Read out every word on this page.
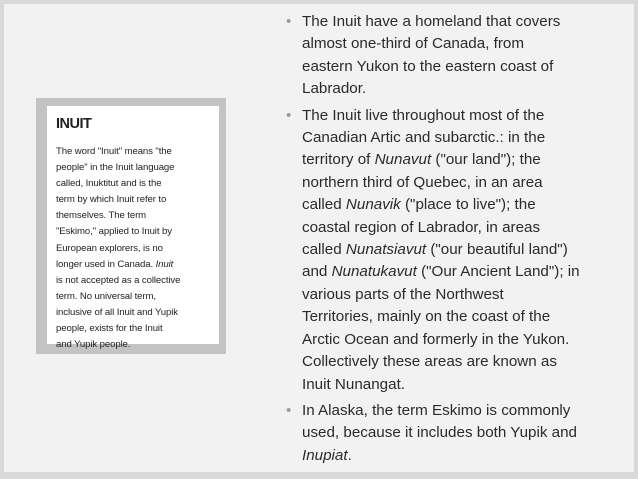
INUIT
The word "Inuit" means "the
people" in the Inuit language
called, Inuktitut and is the
term by which Inuit refer to
themselves. The term
"Eskimo," applied to Inuit by
European explorers, is no
longer used in Canada. Inuit
is not accepted as a collective
term. No universal term,
inclusive of all Inuit and Yupik
people, exists for the Inuit
and Yupik people.
• The Inuit have a homeland that covers
almost one-third of Canada, from
eastern Yukon to the eastern coast of
Labrador.
• The Inuit live throughout most of the
Canadian Artic and subarctic.: in the
territory of Nunavut ("our land"); the
northern third of Quebec, in an area
called Nunavik ("place to live"); the
coastal region of Labrador, in areas
called Nunatsiavut ("our beautiful land")
and Nunatukavut ("Our Ancient Land"); in
various parts of the Northwest
Territories, mainly on the coast of the
Arctic Ocean and formerly in the Yukon.
Collectively these areas are known as
Inuit Nunangat.
• In Alaska, the term Eskimo is commonly
used, because it includes both Yupik and
Inupiat.
